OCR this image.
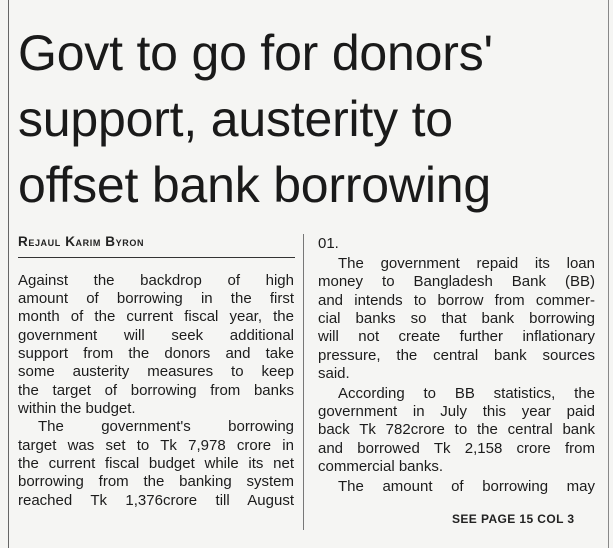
Govt to go for donors'
support, austerity to
offset bank borrowing
Rejaul Karim Byron
Against the backdrop of high
amount of borrowing in the first
month of the current fiscal year, the
government will seek additional
support from the donors and take
some austerity measures to keep
the target of borrowing from banks
within the budget.
The government's borrowing
target was set to Tk 7,978 crore in
the current fiscal budget while its net
borrowing from the banking system
reached Tk 1,376crore till August
01.
The government repaid its loan
money to Bangladesh Bank (BB)
and intends to borrow from commer-
cial banks so that bank borrowing
will not create further inflationary
pressure, the central bank sources
said.
According to BB statistics, the
government in July this year paid
back Tk 782crore to the central bank
and borrowed Tk 2,158 crore from
commercial banks.
The amount of borrowing may
SEE PAGE 15 COL 3
